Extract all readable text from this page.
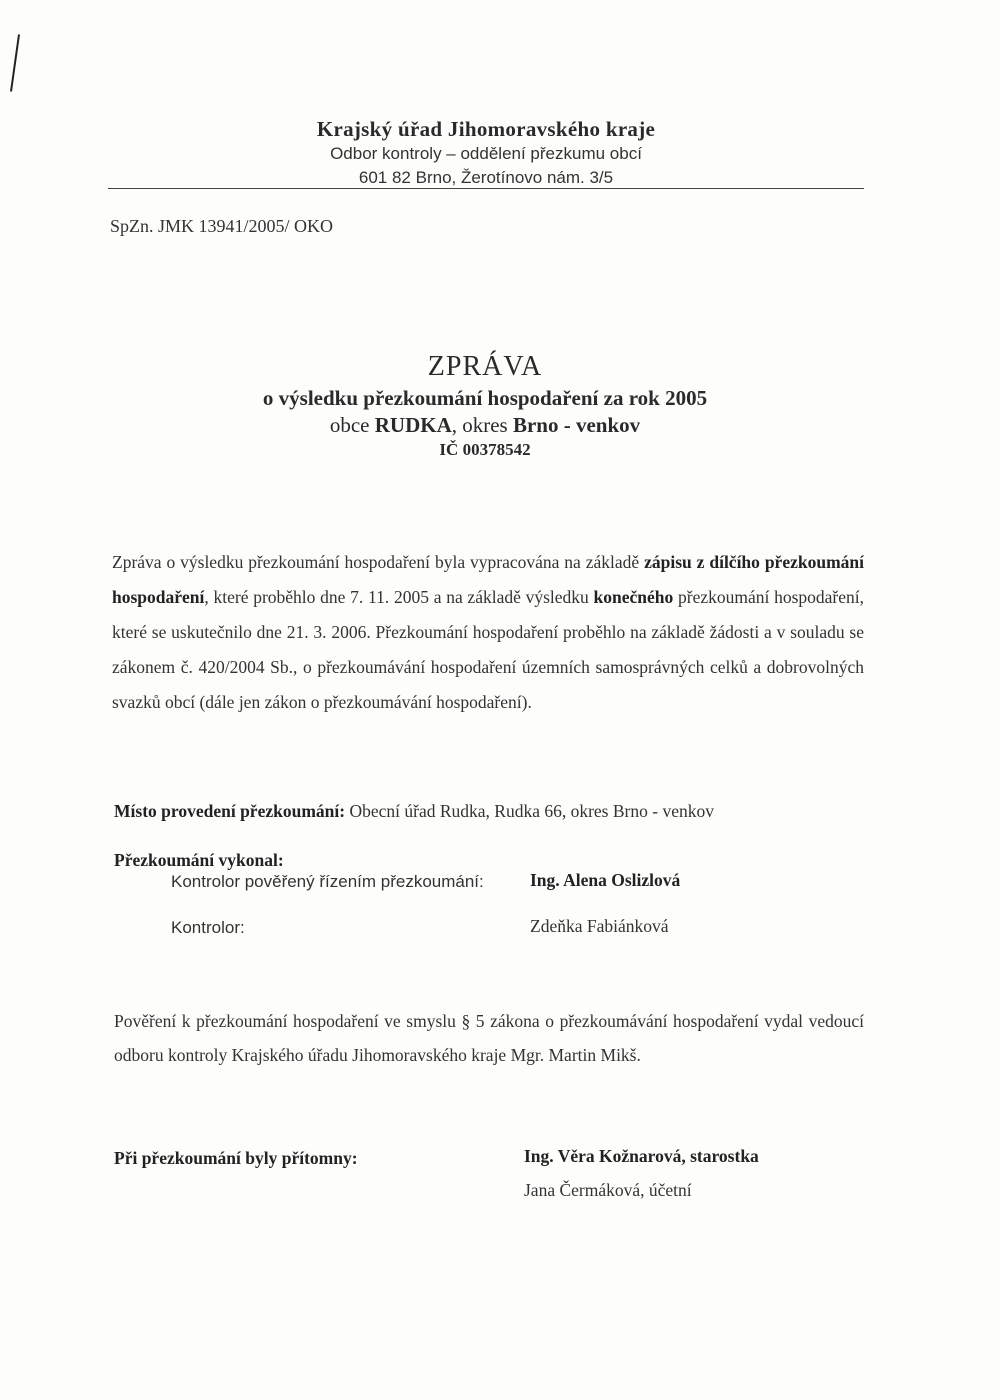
Krajský úřad Jihomoravského kraje
Odbor kontroly – oddělení přezkumu obcí
601 82 Brno, Žerotínovo nám. 3/5
SpZn. JMK 13941/2005/ OKO
ZPRÁVA
o výsledku přezkoumání hospodaření za rok 2005
obce RUDKA, okres Brno - venkov
IČ 00378542
Zpráva o výsledku přezkoumání hospodaření byla vypracována na základě zápisu z dílčího přezkoumání hospodaření, které proběhlo dne 7. 11. 2005 a na základě výsledku konečného přezkoumání hospodaření, které se uskutečnilo dne 21. 3. 2006. Přezkoumání hospodaření proběhlo na základě žádosti a v souladu se zákonem č. 420/2004 Sb., o přezkoumávání hospodaření územních samosprávných celků a dobrovolných svazků obcí (dále jen zákon o přezkoumávání hospodaření).
Místo provedení přezkoumání: Obecní úřad Rudka, Rudka 66, okres Brno - venkov
Přezkoumání vykonal:
Kontrolor pověřený řízením přezkoumání:	Ing. Alena Oslizlová
Kontrolor:	Zdeňka Fabiánková
Pověření k přezkoumání hospodaření ve smyslu § 5 zákona o přezkoumávání hospodaření vydal vedoucí odboru kontroly Krajského úřadu Jihomoravského kraje Mgr. Martin Mikš.
Při přezkoumání byly přítomny:	Ing. Věra Kožnarová, starostka
Jana Čermáková, účetní
